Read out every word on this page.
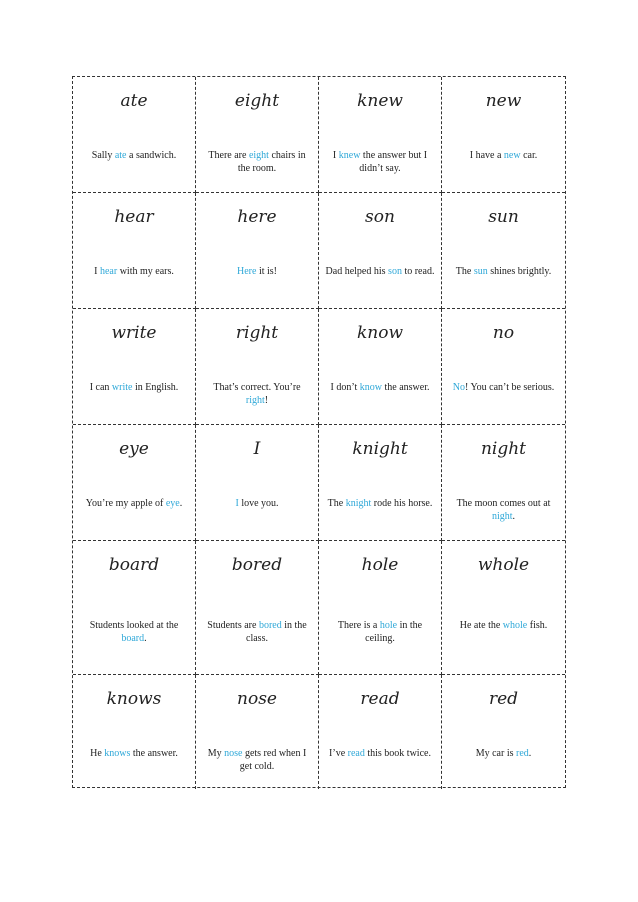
ate
Sally ate a sandwich.
eight
There are eight chairs in the room.
knew
I knew the answer but I didn’t say.
new
I have a new car.
hear
I hear with my ears.
here
Here it is!
son
Dad helped his son to read.
sun
The sun shines brightly.
write
I can write in English.
right
That’s correct. You’re right!
know
I don’t know the answer.
no
No! You can’t be serious.
eye
You’re my apple of eye.
I
I love you.
knight
The knight rode his horse.
night
The moon comes out at night.
board
Students looked at the board.
bored
Students are bored in the class.
hole
There is a hole in the ceiling.
whole
He ate the whole fish.
knows
He knows the answer.
nose
My nose gets red when I get cold.
read
I’ve read this book twice.
red
My car is red.
